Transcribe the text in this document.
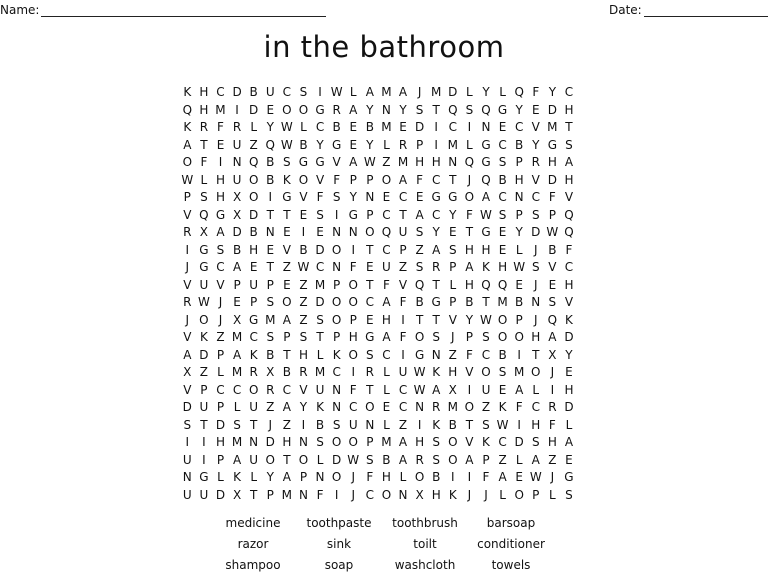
Name:	Date:
in the bathroom
K H C D B U C S I W L A M A J M D L Y L Q F Y C
Q H M I D E O O G R A Y N Y S T Q S Q G Y E D H
K R F R L Y W L C B E B M E D I C I N E C V M T
A T E U Z Q W B Y G E Y L R P I M L G C B Y G S
O F I N Q B S G G V A W Z M H H N Q G S P R H A
W L H U O B K O V F P P O A F C T J Q B H V D H
P S H X O I G V F S Y N E C E G G O A C N C F V
V Q G X D T T E S I G P C T A C Y F W S P S P Q
R X A D B N E I E N N O Q U S Y E T G E Y D W Q
I G S B H E V B D O I T C P Z A S H H E L J B F
J G C A E T Z W C N F E U Z S R P A K H W S V C
V U V P U P E Z M P O T F V Q T L H Q Q E J E H
R W J E P S O Z D O O C A F B G P B T M B N S V
J O J X G M A Z S O P E H I T T V Y W O P J Q K
V K Z M C S P S T P H G A F O S J P S O O H A D
A D P A K B T H L K O S C I G N Z F C B I T X Y
X Z L M R X B R M C I R L U W K H V O S M O J E
V P C C O R C V U N F T L C W A X I U E A L I H
D U P L U Z A Y K N C O E C N R M O Z K F C R D
S T D S T J Z I B S U N L Z I K B T S W I H F L
I	I H M N D H N S O O P M A H S O V K C D S H A
U I P A U O T O L D W S B A R S O A P Z L A Z E
N G L K L Y A P N O J F H L O B I	I F A E W J G
U U D X T P M N F I	J C O N X H K J	J L O P L S
medicine	toothpaste	toothbrush	barsoap
razor	sink	toilt	conditioner
shampoo	soap	washcloth	towels
